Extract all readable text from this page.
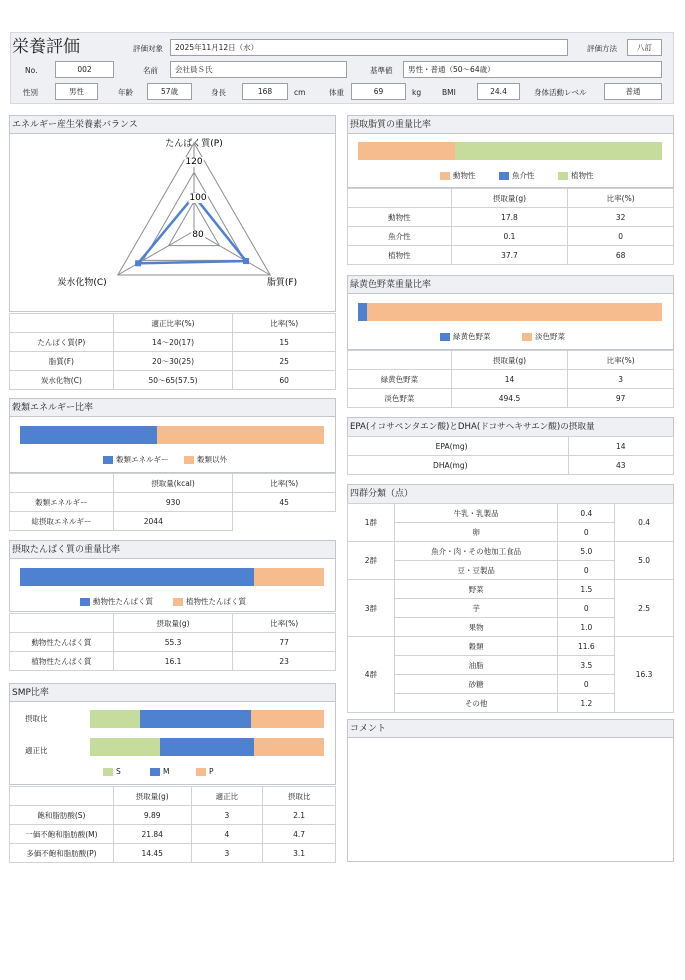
栄養評価	評価対象	2025年11月12日（水）	評価方法	八訂
No.	002	名前	会社員Ｓ氏	基準値	男性・普通（50〜64歳）
性別	男性	年齢	57歳	身長	168	cm	体重	69	kg	BMI	24.4	身体活動レベル	普通
エネルギー産生栄養素バランス
120
100
80
たんぱく質(P)
脂質(F)
炭水化物(C)
	適正比率(%)	比率(%)
たんぱく質(P)	14〜20(17)	15
脂質(F)	20〜30(25)	25
炭水化物(C)	50〜65(57.5)	60
穀類エネルギー比率
穀類エネルギー	穀類以外
	摂取量(kcal)	比率(%)
穀類エネルギー	930	45
総摂取エネルギー	2044	
摂取たんぱく質の重量比率
動物性たんぱく質	植物性たんぱく質
	摂取量(g)	比率(%)
動物性たんぱく質	55.3	77
植物性たんぱく質	16.1	23
SMP比率
摂取比
適正比
S	M	P
	摂取量(g)	適正比	摂取比
飽和脂肪酸(S)	9.89	3	2.1
一価不飽和脂肪酸(M)	21.84	4	4.7
多価不飽和脂肪酸(P)	14.45	3	3.1
摂取脂質の重量比率
動物性	魚介性	植物性
	摂取量(g)	比率(%)
動物性	17.8	32
魚介性	0.1	0
植物性	37.7	68
緑黄色野菜重量比率
緑黄色野菜	淡色野菜
	摂取量(g)	比率(%)
緑黄色野菜	14	3
淡色野菜	494.5	97
EPA(イコサペンタエン酸)とDHA(ドコサヘキサエン酸)の摂取量
EPA(mg)	14
DHA(mg)	43
四群分類（点）
1群	牛乳・乳製品	0.4	0.4
	卵	0	
2群	魚介・肉・その他加工食品	5.0	5.0
	豆・豆製品	0	
3群	野菜	1.5	2.5
	芋	0	
	果物	1.0	
4群	穀類	11.6	16.3
	油脂	3.5	
	砂糖	0	
	その他	1.2	
コメント
